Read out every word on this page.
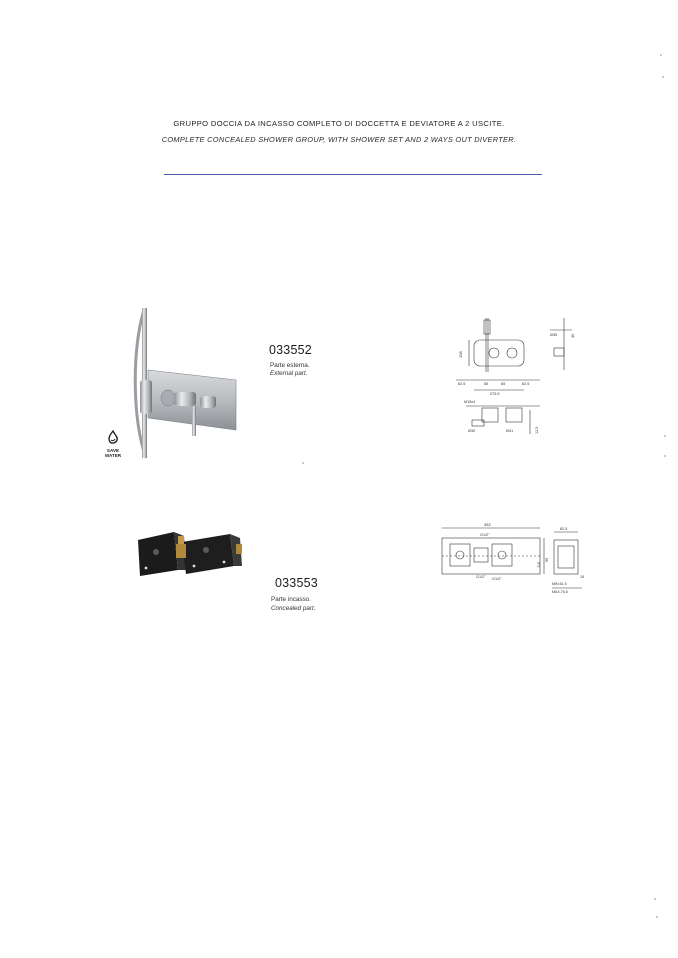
GRUPPO DOCCIA DA INCASSO COMPLETO DI DOCCETTA E DEVIATORE A 2 USCITE.
COMPLETE CONCEALED SHOWER GROUP, WITH SHOWER SET AND 2 WAYS OUT DIVERTER.
SAVE
WATER
033552
Parte esterna.
External part.
108
62.5	65	65	62.5
275.5
Ø35	30
M15x1
Ø30	Ø41	12.5
033553
Parte incasso.
Concealed part.
352
G1/2"
G1/2"
G1/2"
95
110
82.5
15
MIN.61.5
MAX.76.5
